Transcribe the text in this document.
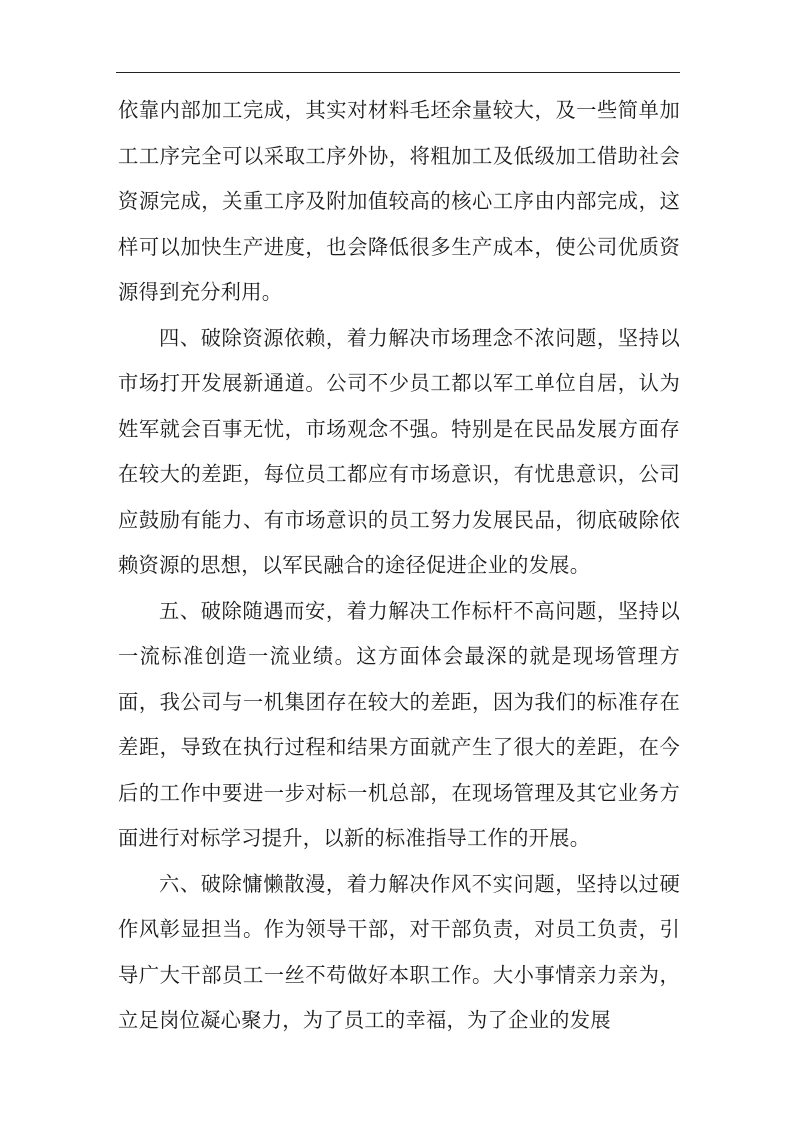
依靠内部加工完成，其实对材料毛坯余量较大，及一些简单加工工序完全可以采取工序外协，将粗加工及低级加工借助社会资源完成，关重工序及附加值较高的核心工序由内部完成，这样可以加快生产进度，也会降低很多生产成本，使公司优质资源得到充分利用。

四、破除资源依赖，着力解决市场理念不浓问题，坚持以市场打开发展新通道。公司不少员工都以军工单位自居，认为姓军就会百事无忧，市场观念不强。特别是在民品发展方面存在较大的差距，每位员工都应有市场意识，有忧患意识，公司应鼓励有能力、有市场意识的员工努力发展民品，彻底破除依赖资源的思想，以军民融合的途径促进企业的发展。

五、破除随遇而安，着力解决工作标杆不高问题，坚持以一流标准创造一流业绩。这方面体会最深的就是现场管理方面，我公司与一机集团存在较大的差距，因为我们的标准存在差距，导致在执行过程和结果方面就产生了很大的差距，在今后的工作中要进一步对标一机总部，在现场管理及其它业务方面进行对标学习提升，以新的标准指导工作的开展。

六、破除慵懒散漫，着力解决作风不实问题，坚持以过硬作风彰显担当。作为领导干部，对干部负责，对员工负责，引导广大干部员工一丝不苟做好本职工作。大小事情亲力亲为，立足岗位凝心聚力，为了员工的幸福，为了企业的发展
